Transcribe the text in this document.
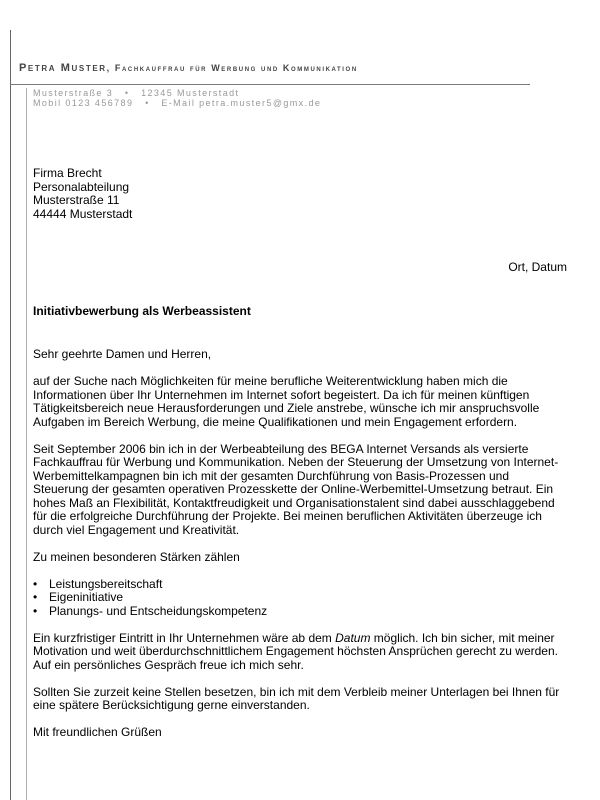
Petra Muster, Fachkauffrau für Werbung und Kommunikation
Musterstraße 3   •   12345 Musterstadt
Mobil 0123 456789   •   E-Mail petra.muster5@gmx.de

Firma Brecht

Personalabteilung

Musterstraße 11

44444 Musterstadt

Ort, Datum
Initiativbewerbung als Werbeassistent
Sehr geehrte Damen und Herren,

auf der Suche nach Möglichkeiten für meine berufliche Weiterentwicklung haben mich die Informationen über Ihr Unternehmen im Internet sofort begeistert. Da ich für meinen künftigen Tätigkeitsbereich neue Herausforderungen und Ziele anstrebe, wünsche ich mir anspruchsvolle Aufgaben im Bereich Werbung, die meine Qualifikationen und mein Engagement erfordern.

Seit September 2006 bin ich in der Werbeabteilung des BEGA Internet Versands als versierte Fachkauffrau für Werbung und Kommunikation. Neben der Steuerung der Umsetzung von Internet-Werbemittelkampagnen bin ich mit der gesamten Durchführung von Basis-Prozessen und Steuerung der gesamten operativen Prozesskette der Online-Werbemittel-Umsetzung betraut. Ein hohes Maß an Flexibilität, Kontaktfreudigkeit und Organisationstalent sind dabei ausschlaggebend für die erfolgreiche Durchführung der Projekte. Bei meinen beruflichen Aktivitäten überzeuge ich durch viel Engagement und Kreativität.

Zu meinen besonderen Stärken zählen

• Leistungsbereitschaft
• Eigeninitiative
• Planungs- und Entscheidungskompetenz

Ein kurzfristiger Eintritt in Ihr Unternehmen wäre ab dem Datum möglich. Ich bin sicher, mit meiner Motivation und weit überdurchschnittlichem Engagement höchsten Ansprüchen gerecht zu werden. Auf ein persönliches Gespräch freue ich mich sehr.

Sollten Sie zurzeit keine Stellen besetzen, bin ich mit dem Verbleib meiner Unterlagen bei Ihnen für eine spätere Berücksichtigung gerne einverstanden.

Mit freundlichen Grüßen
